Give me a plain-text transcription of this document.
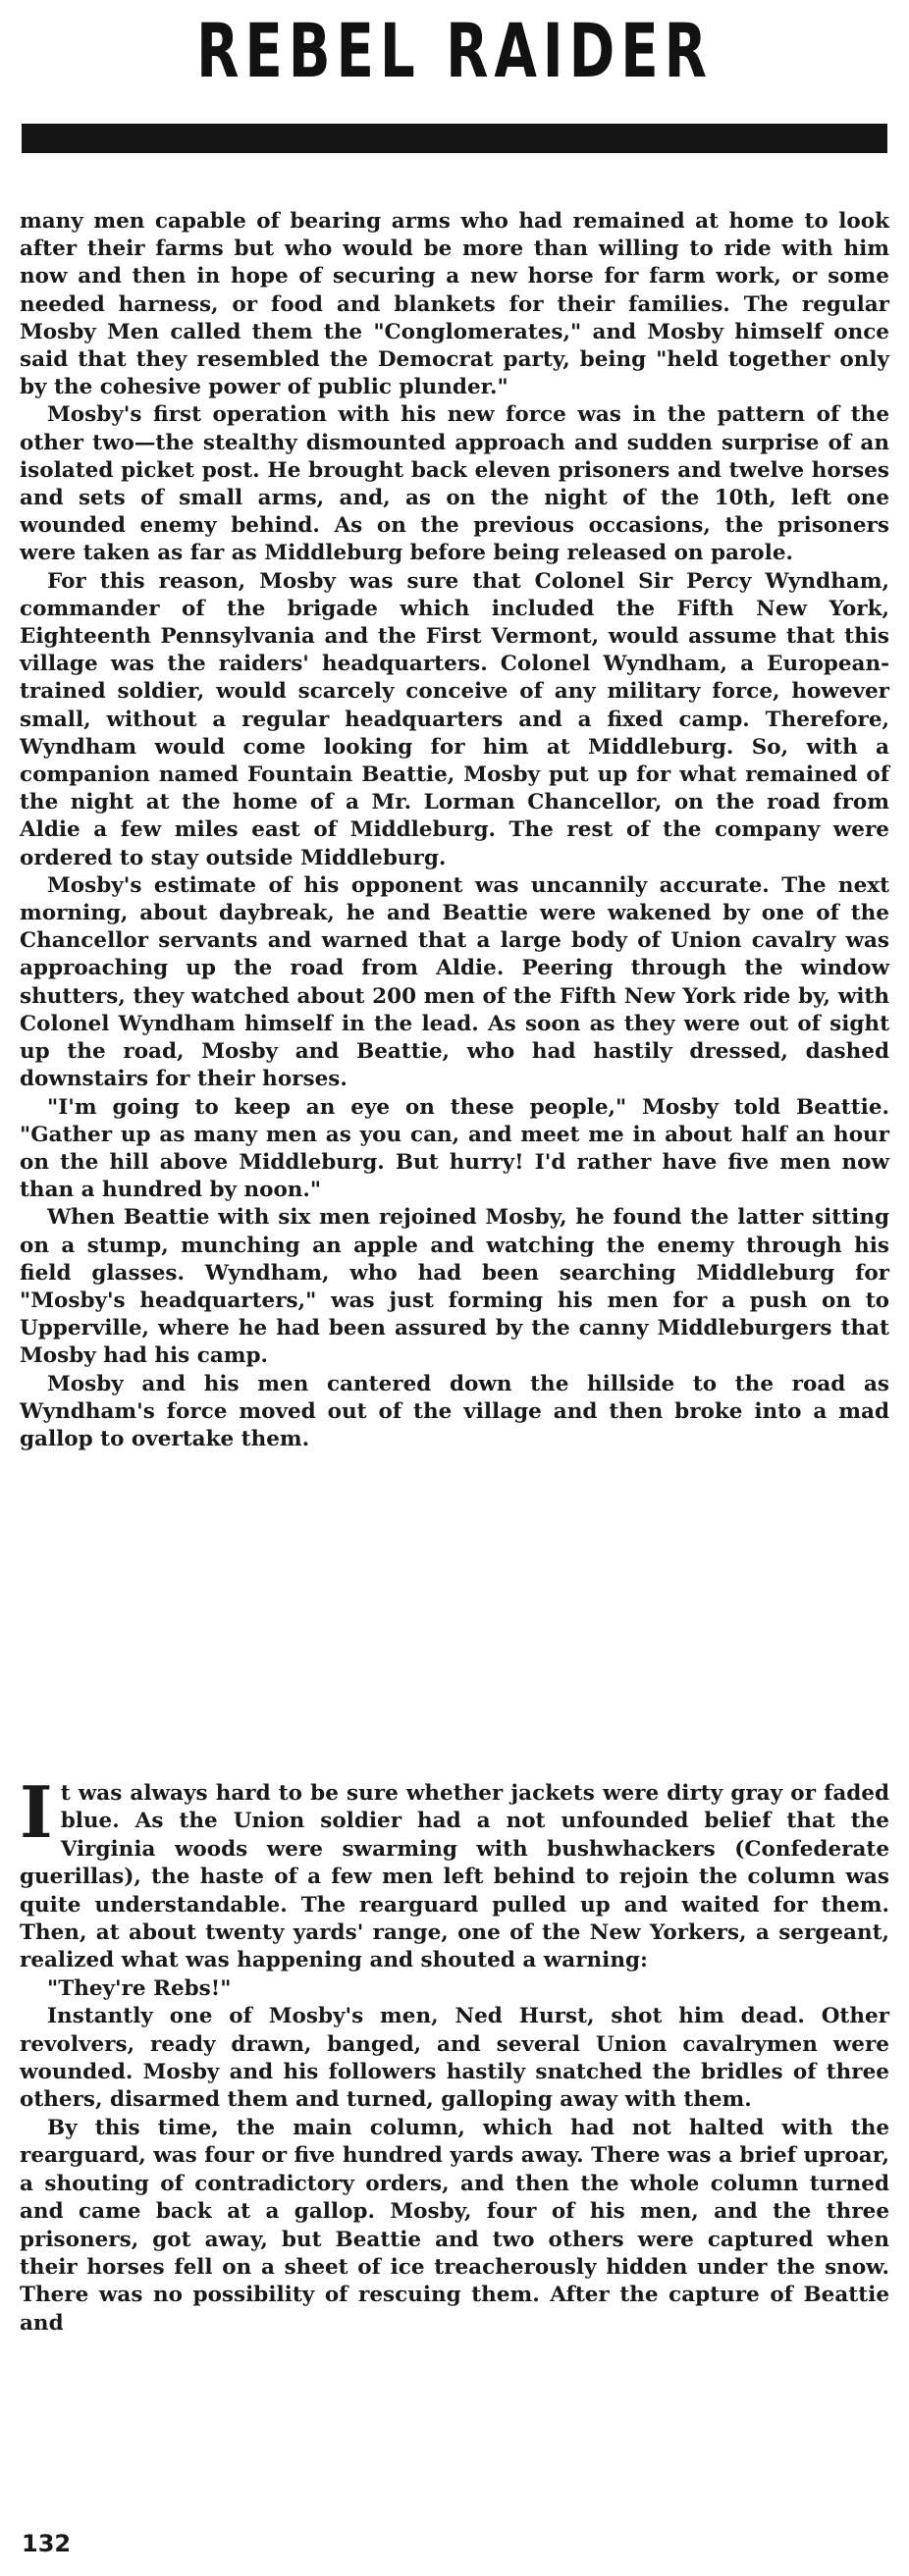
REBEL RAIDER

many men capable of bearing arms who had remained at home to look after their farms but who would be more than willing to ride with him now and then in hope of securing a new horse for farm work, or some needed harness, or food and blankets for their families. The regular Mosby Men called them the "Conglomerates," and Mosby himself once said that they resembled the Democrat party, being "held together only by the cohesive power of public plunder."

Mosby's first operation with his new force was in the pattern of the other two—the stealthy dismounted approach and sudden surprise of an isolated picket post. He brought back eleven prisoners and twelve horses and sets of small arms, and, as on the night of the 10th, left one wounded enemy behind. As on the previous occasions, the prisoners were taken as far as Middleburg before being released on parole.

For this reason, Mosby was sure that Colonel Sir Percy Wyndham, commander of the brigade which included the Fifth New York, Eighteenth Pennsylvania and the First Vermont, would assume that this village was the raiders' headquarters. Colonel Wyndham, a European-trained soldier, would scarcely conceive of any military force, however small, without a regular headquarters and a fixed camp. Therefore, Wyndham would come looking for him at Middleburg. So, with a companion named Fountain Beattie, Mosby put up for what remained of the night at the home of a Mr. Lorman Chancellor, on the road from Aldie a few miles east of Middleburg. The rest of the company were ordered to stay outside Middleburg.

Mosby's estimate of his opponent was uncannily accurate. The next morning, about daybreak, he and Beattie were wakened by one of the Chancellor servants and warned that a large body of Union cavalry was approaching up the road from Aldie. Peering through the window shutters, they watched about 200 men of the Fifth New York ride by, with Colonel Wyndham himself in the lead. As soon as they were out of sight up the road, Mosby and Beattie, who had hastily dressed, dashed downstairs for their horses.

"I'm going to keep an eye on these people," Mosby told Beattie. "Gather up as many men as you can, and meet me in about half an hour on the hill above Middleburg. But hurry! I'd rather have five men now than a hundred by noon."

When Beattie with six men rejoined Mosby, he found the latter sitting on a stump, munching an apple and watching the enemy through his field glasses. Wyndham, who had been searching Middleburg for "Mosby's headquarters," was just forming his men for a push on to Upperville, where he had been assured by the canny Middleburgers that Mosby had his camp.

Mosby and his men cantered down the hillside to the road as Wyndham's force moved out of the village and then broke into a mad gallop to overtake them.

It was always hard to be sure whether jackets were dirty gray or faded blue. As the Union soldier had a not unfounded belief that the Virginia woods were swarming with bushwhackers (Confederate guerillas), the haste of a few men left behind to rejoin the column was quite understandable. The rearguard pulled up and waited for them. Then, at about twenty yards' range, one of the New Yorkers, a sergeant, realized what was happening and shouted a warning:

"They're Rebs!"

Instantly one of Mosby's men, Ned Hurst, shot him dead. Other revolvers, ready drawn, banged, and several Union cavalrymen were wounded. Mosby and his followers hastily snatched the bridles of three others, disarmed them and turned, galloping away with them.

By this time, the main column, which had not halted with the rearguard, was four or five hundred yards away. There was a brief uproar, a shouting of contradictory orders, and then the whole column turned and came back at a gallop. Mosby, four of his men, and the three prisoners, got away, but Beattie and two others were captured when their horses fell on a sheet of ice treacherously hidden under the snow. There was no possibility of rescuing them. After the capture of Beattie and

132
